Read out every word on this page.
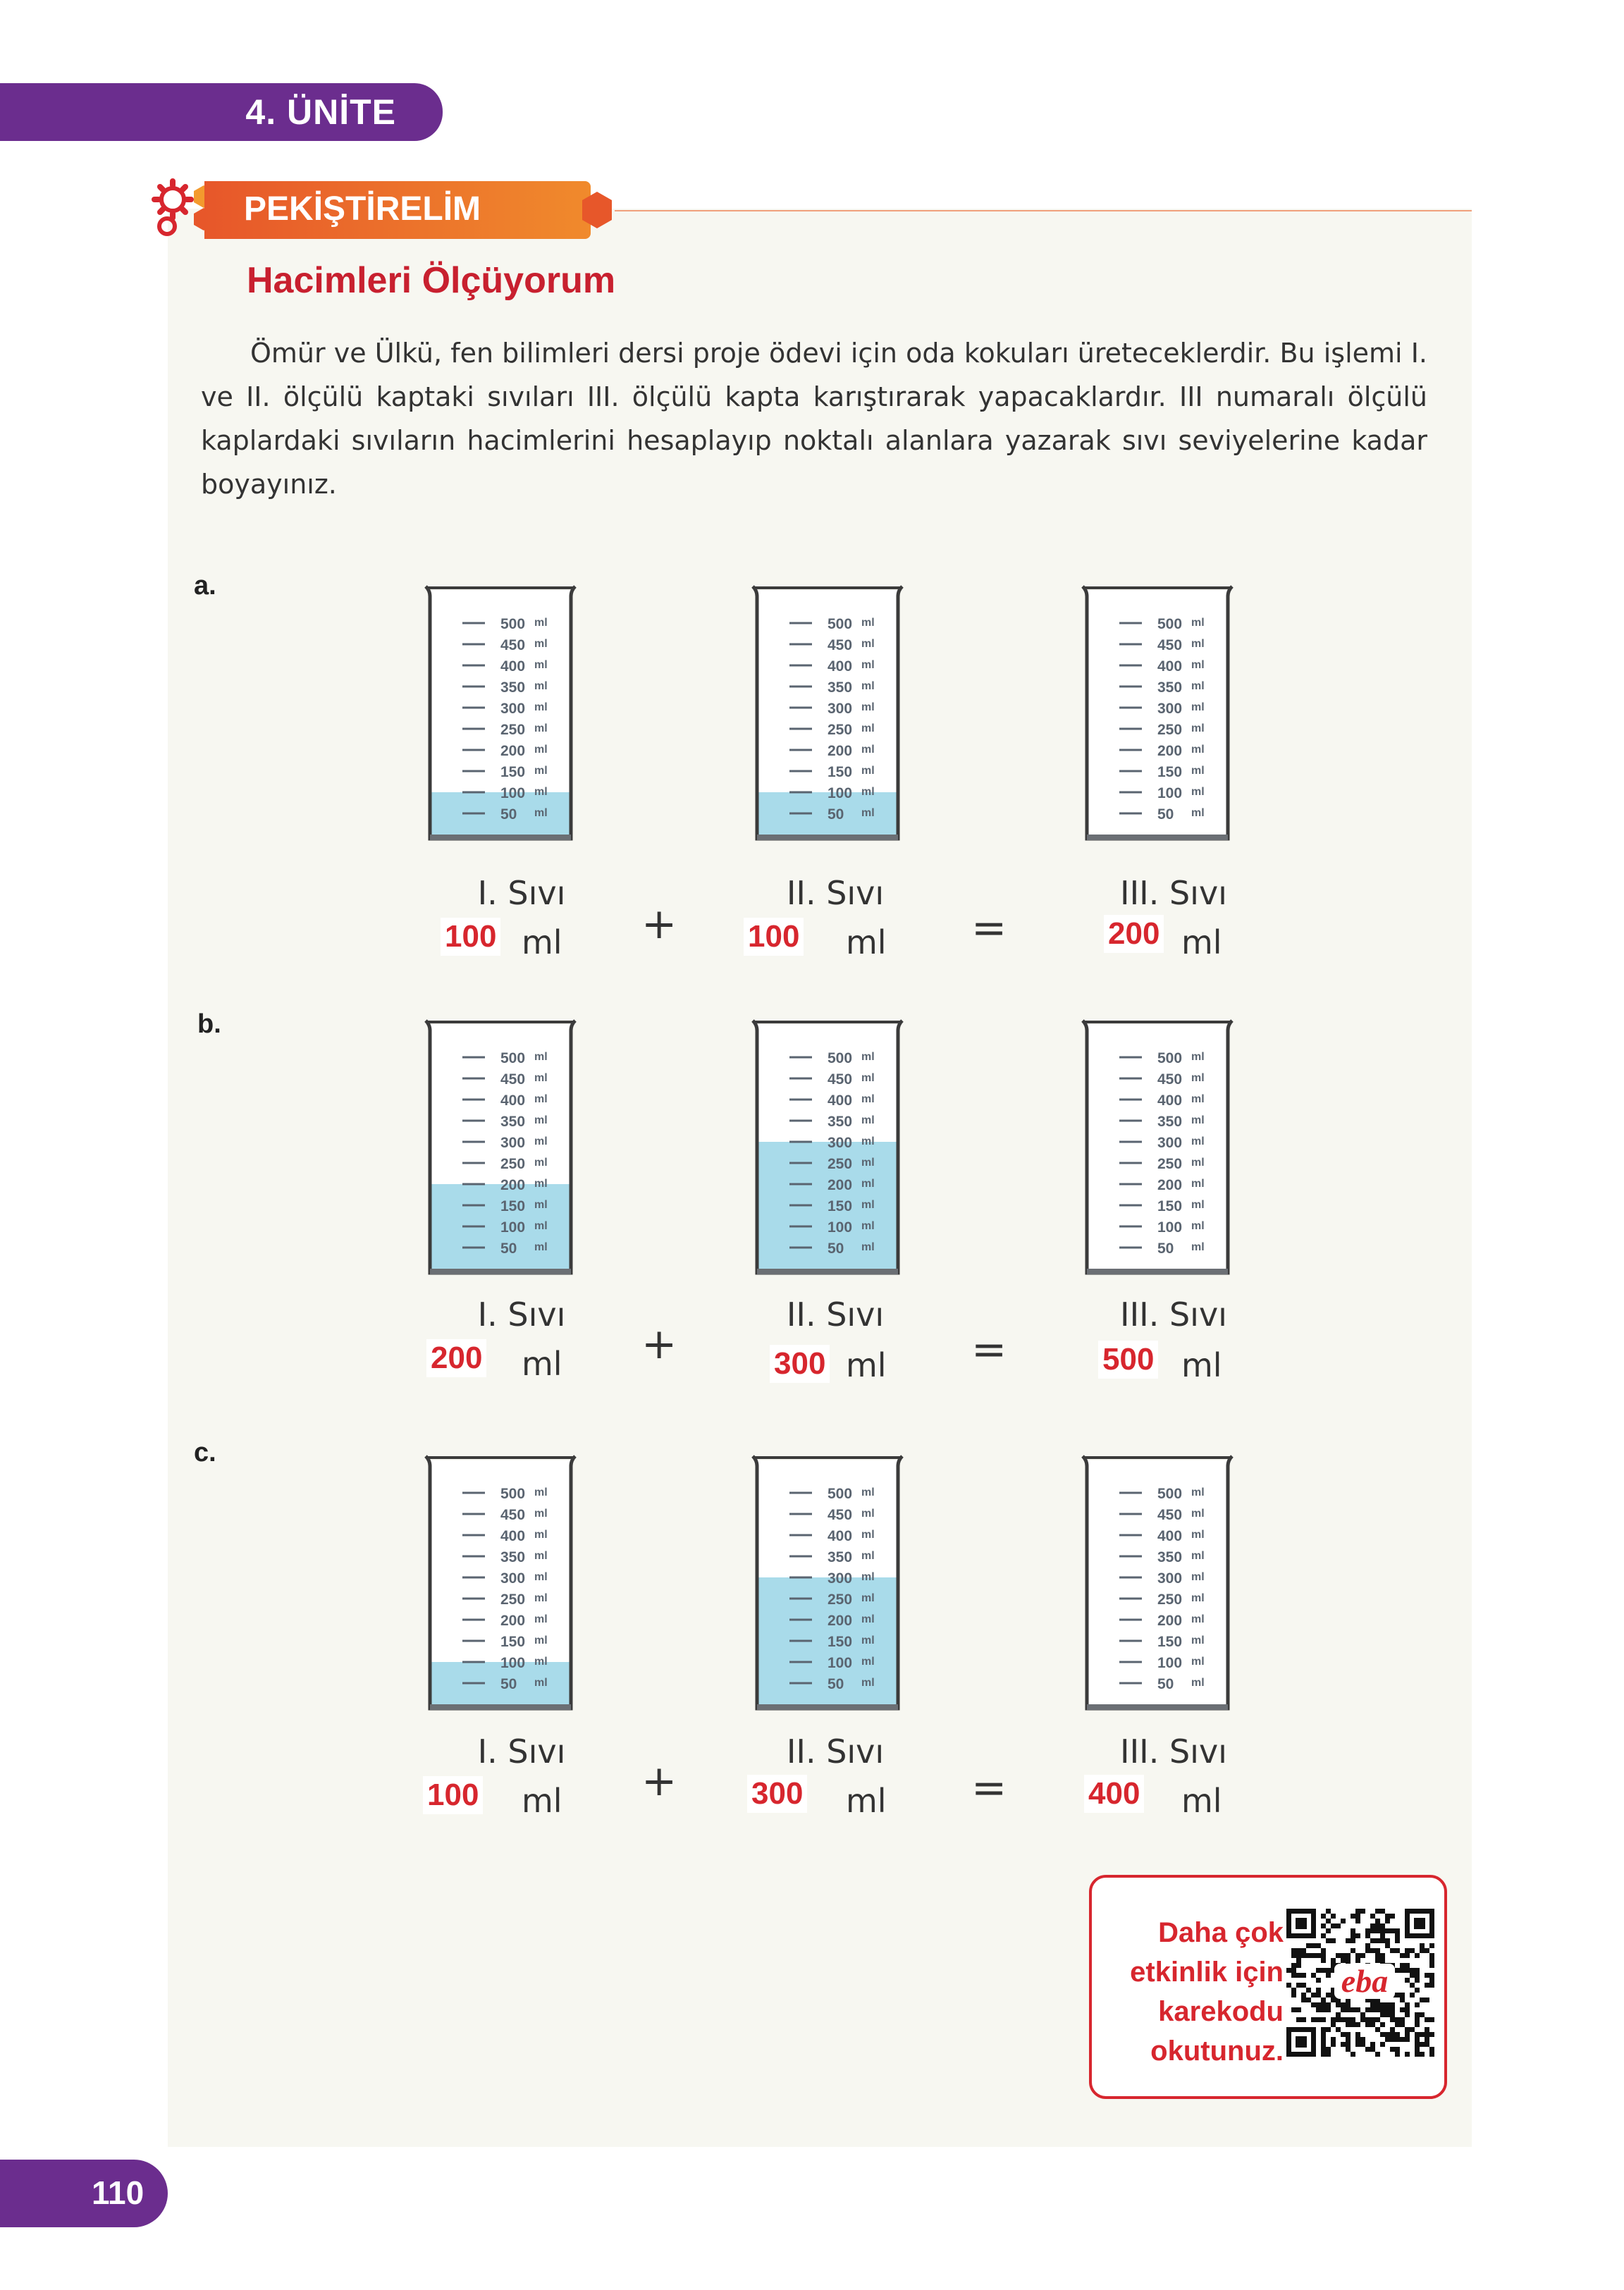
4. ÜNİTE
PEKİŞTİRELİM
Hacimleri Ölçüyorum
Ömür ve Ülkü, fen bilimleri dersi proje ödevi için oda kokuları üreteceklerdir. Bu işlemi I. ve II. ölçülü kaptaki sıvıları III. ölçülü kapta karıştırarak yapacaklardır. III numaralı ölçülü kaplardaki sıvıların hacimlerini hesaplayıp noktalı alanlara yazarak sıvı seviyelerine kadar boyayınız.
a.
b.
c.
500 ml
450 ml
400 ml
350 ml
300 ml
250 ml
200 ml
150 ml
100 ml
50 ml
500 ml
450 ml
400 ml
350 ml
300 ml
250 ml
200 ml
150 ml
100 ml
50 ml
500 ml
450 ml
400 ml
350 ml
300 ml
250 ml
200 ml
150 ml
100 ml
50 ml
500 ml
450 ml
400 ml
350 ml
300 ml
250 ml
200 ml
150 ml
100 ml
50 ml
500 ml
450 ml
400 ml
350 ml
300 ml
250 ml
200 ml
150 ml
100 ml
50 ml
500 ml
450 ml
400 ml
350 ml
300 ml
250 ml
200 ml
150 ml
100 ml
50 ml
500 ml
450 ml
400 ml
350 ml
300 ml
250 ml
200 ml
150 ml
100 ml
50 ml
500 ml
450 ml
400 ml
350 ml
300 ml
250 ml
200 ml
150 ml
100 ml
50 ml
500 ml
450 ml
400 ml
350 ml
300 ml
250 ml
200 ml
150 ml
100 ml
50 ml
I. Sıvı
100 ml +
II. Sıvı
100 ml =
III. Sıvı
200 ml
I. Sıvı
200 ml +
II. Sıvı
300 ml =
III. Sıvı
500 ml
I. Sıvı
100 ml +
II. Sıvı
300 ml =
III. Sıvı
400 ml
Daha çok
etkinlik için
karekodu
okutunuz.
eba
110
